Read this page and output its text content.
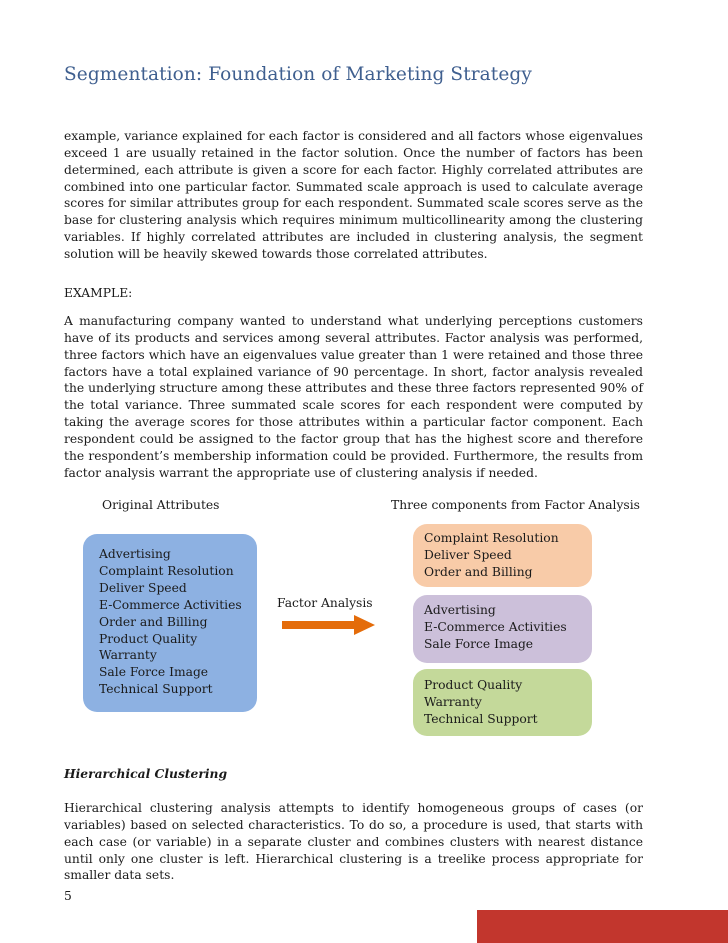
Segmentation: Foundation of Marketing Strategy

example, variance explained for each factor is considered and all factors whose eigenvalues exceed 1 are usually retained in the factor solution. Once the number of factors has been determined, each attribute is given a score for each factor. Highly correlated attributes are combined into one particular factor. Summated scale approach is used to calculate average scores for similar attributes group for each respondent. Summated scale scores serve as the base for clustering analysis which requires minimum multicollinearity among the clustering variables. If highly correlated attributes are included in clustering analysis, the segment solution will be heavily skewed towards those correlated attributes.

EXAMPLE:

A manufacturing company wanted to understand what underlying perceptions customers have of its products and services among several attributes. Factor analysis was performed, three factors which have an eigenvalues value greater than 1 were retained and those three factors have a total explained variance of 90 percentage. In short, factor analysis revealed the underlying structure among these attributes and these three factors represented 90% of the total variance. Three summated scale scores for each respondent were computed by taking the average scores for those attributes within a particular factor component. Each respondent could be assigned to the factor group that has the highest score and therefore the respondent’s membership information could be provided. Furthermore, the results from factor analysis warrant the appropriate use of clustering analysis if needed.

Original Attributes	Three components from Factor Analysis
Advertising
Complaint Resolution
Deliver Speed
E-Commerce Activities
Order and Billing
Product Quality
Warranty
Sale Force Image
Technical Support
Factor Analysis
Complaint Resolution
Deliver Speed
Order and Billing
Advertising
E-Commerce Activities
Sale Force Image
Product Quality
Warranty
Technical Support
Hierarchical Clustering

Hierarchical clustering analysis attempts to identify homogeneous groups of cases (or variables) based on selected characteristics. To do so, a procedure is used, that starts with each case (or variable) in a separate cluster and combines clusters with nearest distance until only one cluster is left. Hierarchical clustering is a treelike process appropriate for smaller data sets.

5
